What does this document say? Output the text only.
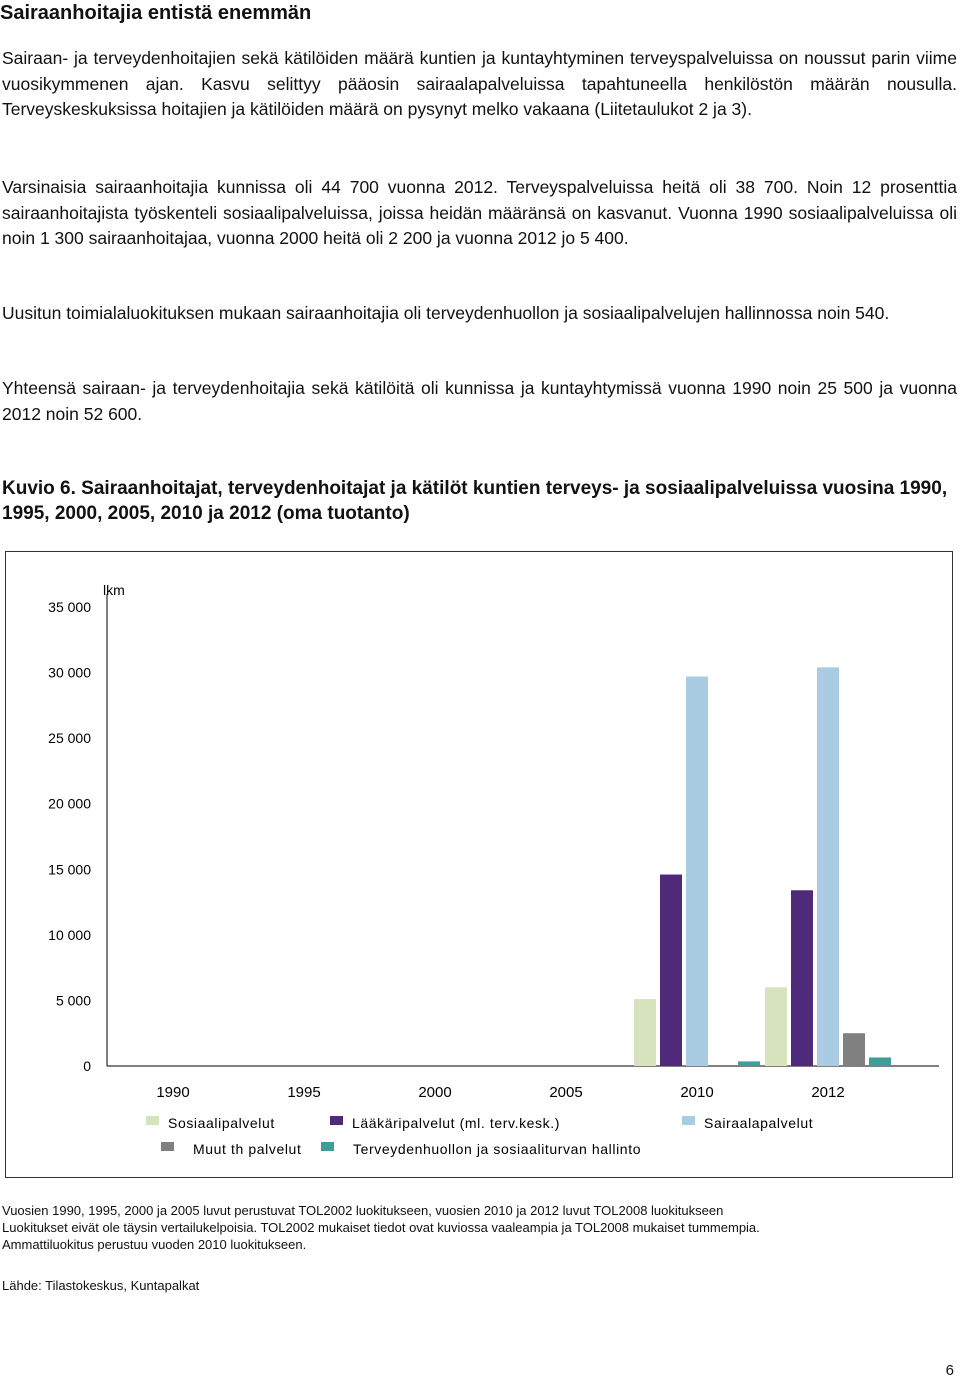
Sairaanhoitajia entistä enemmän

Sairaan- ja terveydenhoitajien sekä kätilöiden määrä kuntien ja kuntayhtyminen terveyspalveluissa on noussut parin viime vuosikymmenen ajan. Kasvu selittyy pääosin sairaalapalveluissa tapahtuneella henkilöstön määrän nousulla. Terveyskeskuksissa hoitajien ja kätilöiden määrä on pysynyt melko vakaana (Liitetaulukot 2 ja 3).

Varsinaisia sairaanhoitajia kunnissa oli 44 700 vuonna 2012. Terveyspalveluissa heitä oli 38 700. Noin 12 prosenttia sairaanhoitajista työskenteli sosiaalipalveluissa, joissa heidän määränsä on kasvanut. Vuonna 1990 sosiaalipalveluissa oli noin 1 300 sairaanhoitajaa, vuonna 2000 heitä oli 2 200 ja vuonna 2012 jo 5 400.

Uusitun toimialaluokituksen mukaan sairaanhoitajia oli terveydenhuollon ja sosiaalipalvelujen hallinnossa noin 540.

Yhteensä sairaan- ja terveydenhoitajia sekä kätilöitä oli kunnissa ja kuntayhtymissä vuonna 1990 noin 25 500 ja vuonna 2012 noin 52 600.

Kuvio 6. Sairaanhoitajat, terveydenhoitajat ja kätilöt kuntien terveys- ja sosiaalipalveluissa vuosina 1990, 1995, 2000, 2005, 2010 ja 2012 (oma tuotanto)

0
5 000
10 000
15 000
20 000
25 000
30 000
35 000
lkm
1990	1995	2000	2005	2010	2012
Sosiaalipalvelut	Lääkäripalvelut (ml. terv.kesk.)	Sairaalapalvelut
Muut th palvelut	Terveydenhuollon ja sosiaaliturvan hallinto
Vuosien 1990, 1995, 2000 ja 2005 luvut perustuvat TOL2002 luokitukseen, vuosien 2010 ja 2012 luvut TOL2008 luokitukseen
Luokitukset eivät ole täysin vertailukelpoisia. TOL2002 mukaiset tiedot ovat kuviossa vaaleampia ja TOL2008 mukaiset tummempia.
Ammattiluokitus perustuu vuoden 2010 luokitukseen.

Lähde: Tilastokeskus, Kuntapalkat

6
